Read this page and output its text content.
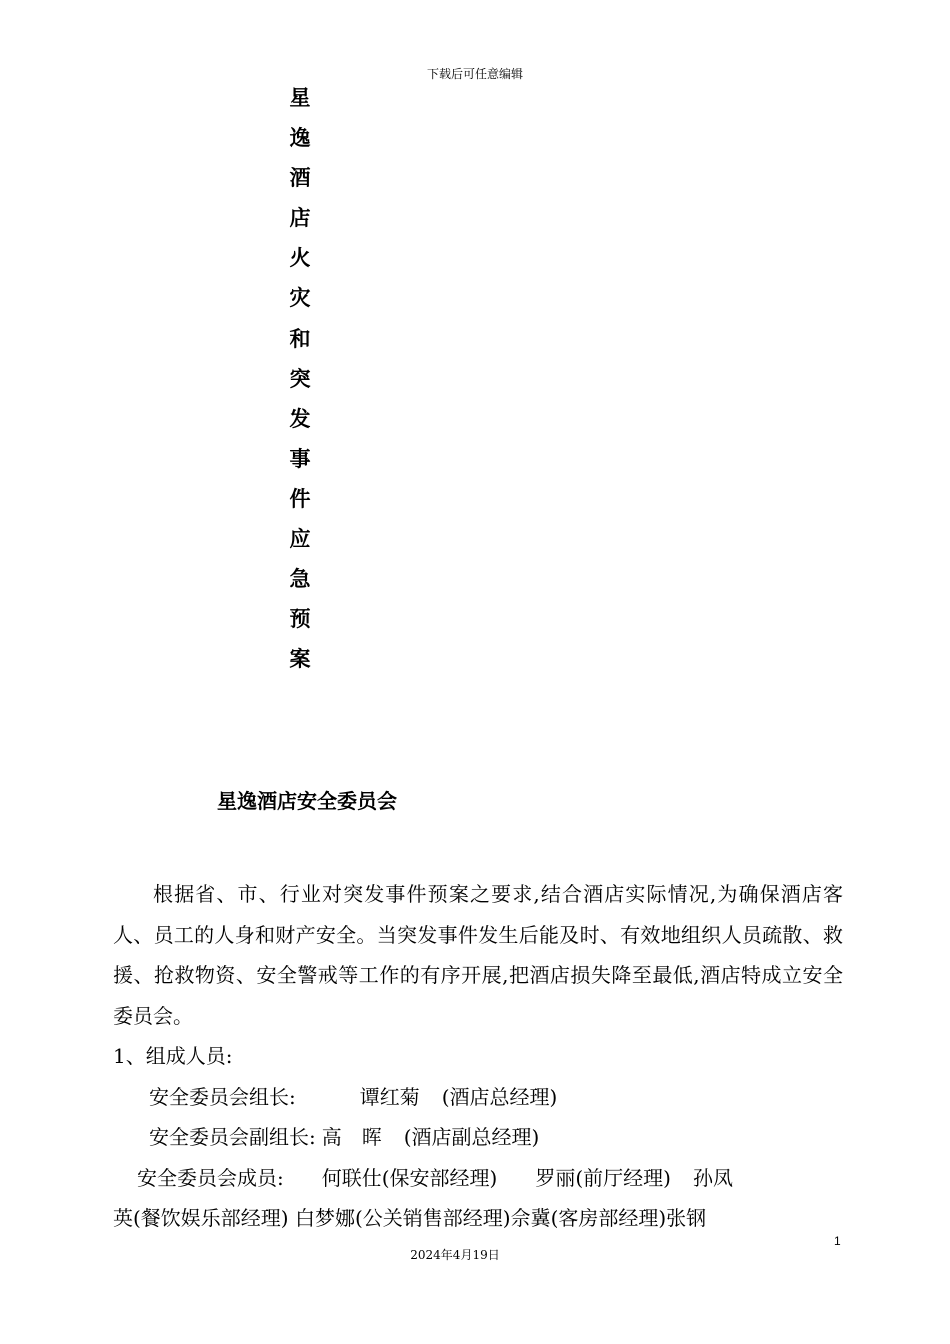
下载后可任意编辑
星
逸
酒
店
火
灾
和
突
发
事
件
应
急
预
案
星逸酒店安全委员会

根据省、市、行业对突发事件预案之要求,结合酒店实际情况,为确保酒店客人、员工的人身和财产安全。当突发事件发生后能及时、有效地组织人员疏散、救援、抢救物资、安全警戒等工作的有序开展,把酒店损失降至最低,酒店特成立安全委员会。

1、组成人员:

安全委员会组长:	谭红菊 (酒店总经理)

安全委员会副组长: 高　晖 (酒店副总经理)

安全委员会成员: 何联仕(保安部经理) 罗丽(前厅经理) 孙凤

英(餐饮娱乐部经理) 白梦娜(公关销售部经理)佘冀(客房部经理)张钢

1
2024年4月19日
